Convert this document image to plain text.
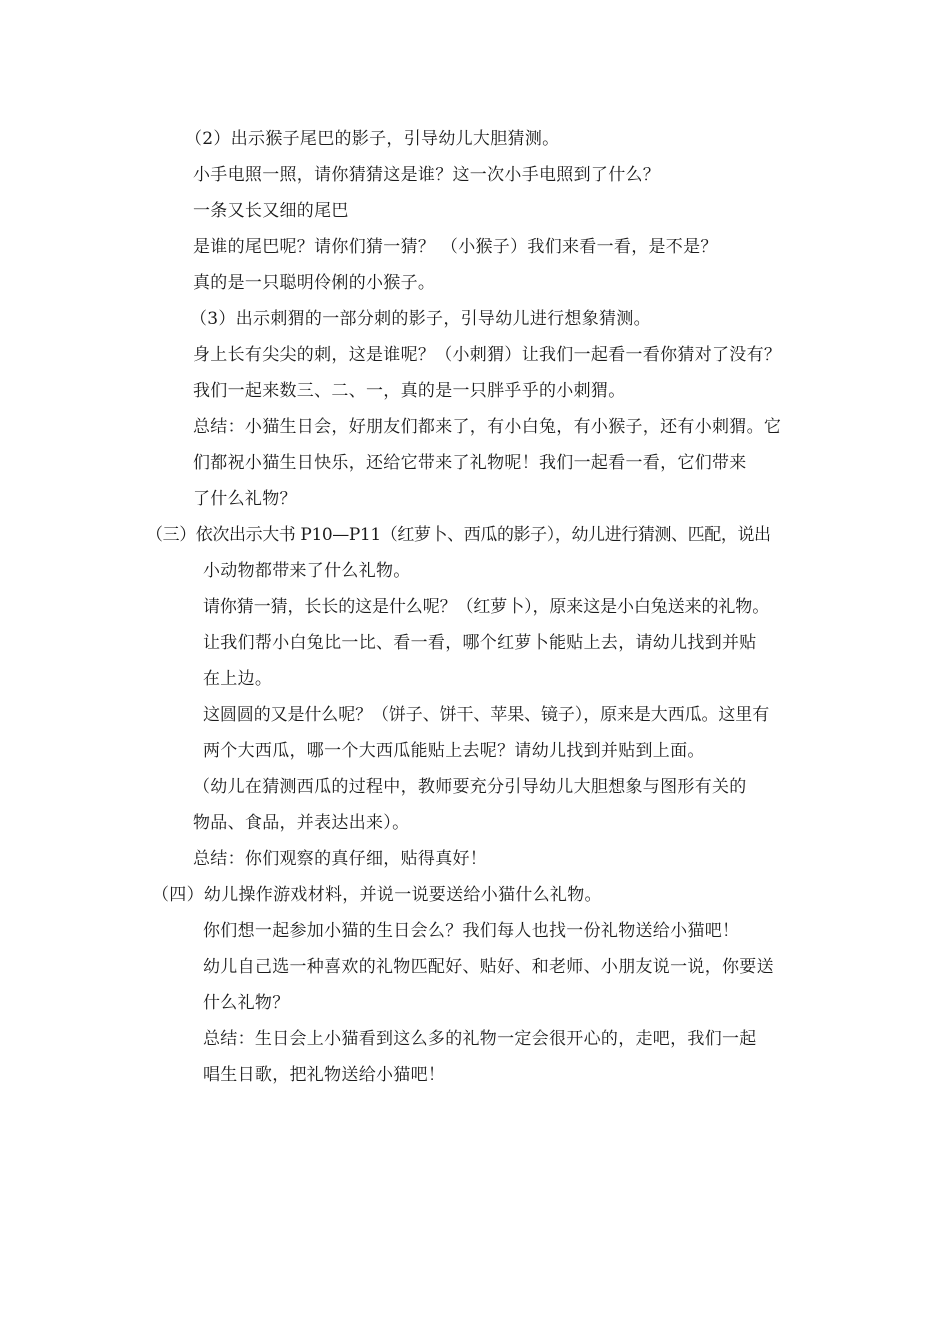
（2）出示猴子尾巴的影子，引导幼儿大胆猜测。
小手电照一照，请你猜猜这是谁？这一次小手电照到了什么？
一条又长又细的尾巴
是谁的尾巴呢？请你们猜一猜？ （小猴子）我们来看一看，是不是？
真的是一只聪明伶俐的小猴子。
（3）出示刺猬的一部分刺的影子，引导幼儿进行想象猜测。
身上长有尖尖的刺，这是谁呢？（小刺猬）让我们一起看一看你猜对了没有？
我们一起来数三、二、一，真的是一只胖乎乎的小刺猬。
总结：小猫生日会，好朋友们都来了，有小白兔，有小猴子，还有小刺猬。它
们都祝小猫生日快乐，还给它带来了礼物呢！我们一起看一看，它们带来
了什么礼物？
（三）依次出示大书 P10—P11（红萝卜、西瓜的影子），幼儿进行猜测、匹配，说出
小动物都带来了什么礼物。
请你猜一猜，长长的这是什么呢？（红萝卜），原来这是小白兔送来的礼物。
让我们帮小白兔比一比、看一看，哪个红萝卜能贴上去，请幼儿找到并贴
在上边。
这圆圆的又是什么呢？（饼子、饼干、苹果、镜子），原来是大西瓜。这里有
两个大西瓜，哪一个大西瓜能贴上去呢？请幼儿找到并贴到上面。
（幼儿在猜测西瓜的过程中，教师要充分引导幼儿大胆想象与图形有关的
物品、食品，并表达出来）。
总结：你们观察的真仔细，贴得真好！
（四）幼儿操作游戏材料，并说一说要送给小猫什么礼物。
你们想一起参加小猫的生日会么？我们每人也找一份礼物送给小猫吧！
幼儿自己选一种喜欢的礼物匹配好、贴好、和老师、小朋友说一说，你要送
什么礼物？
总结：生日会上小猫看到这么多的礼物一定会很开心的，走吧，我们一起
唱生日歌，把礼物送给小猫吧！
